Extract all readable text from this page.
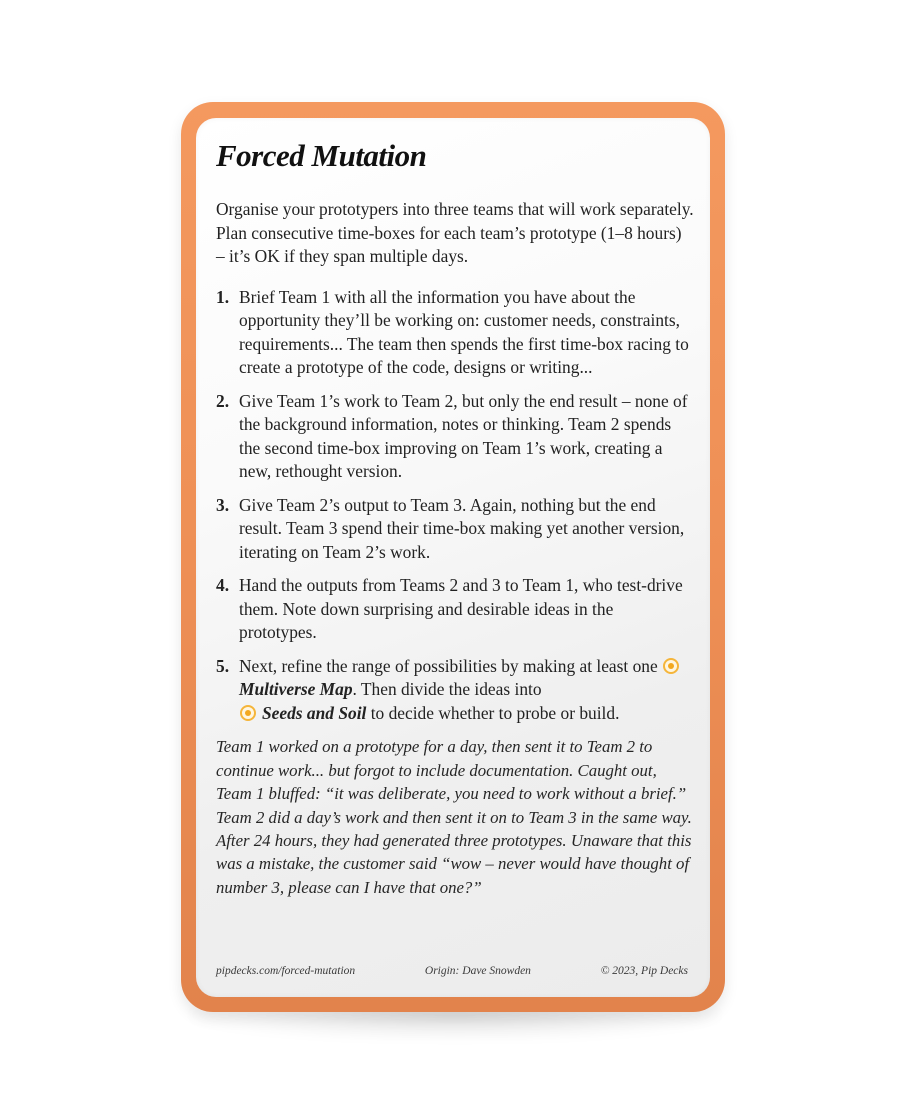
Forced Mutation

Organise your prototypers into three teams that will work separately. Plan consecutive time-boxes for each team’s prototype (1–8 hours) – it’s OK if they span multiple days.

1. Brief Team 1 with all the information you have about the opportunity they’ll be working on: customer needs, constraints, requirements... The team then spends the first time-box racing to create a prototype of the code, designs or writing...
2. Give Team 1’s work to Team 2, but only the end result – none of the background information, notes or thinking. Team 2 spends the second time-box improving on Team 1’s work, creating a new, rethought version.
3. Give Team 2’s output to Team 3. Again, nothing but the end result. Team 3 spend their time-box making yet another version, iterating on Team 2’s work.
4. Hand the outputs from Teams 2 and 3 to Team 1, who test-drive them. Note down surprising and desirable ideas in the prototypes.
5. Next, refine the range of possibilities by making at least one Multiverse Map. Then divide the ideas into
Seeds and Soil to decide whether to probe or build.

Team 1 worked on a prototype for a day, then sent it to Team 2 to continue work... but forgot to include documentation. Caught out, Team 1 bluffed: “it was deliberate, you need to work without a brief.” Team 2 did a day’s work and then sent it on to Team 3 in the same way. After 24 hours, they had generated three prototypes. Unaware that this was a mistake, the customer said “wow – never would have thought of number 3, please can I have that one?”

pipdecks.com/forced-mutation	Origin: Dave Snowden	© 2023, Pip Decks
